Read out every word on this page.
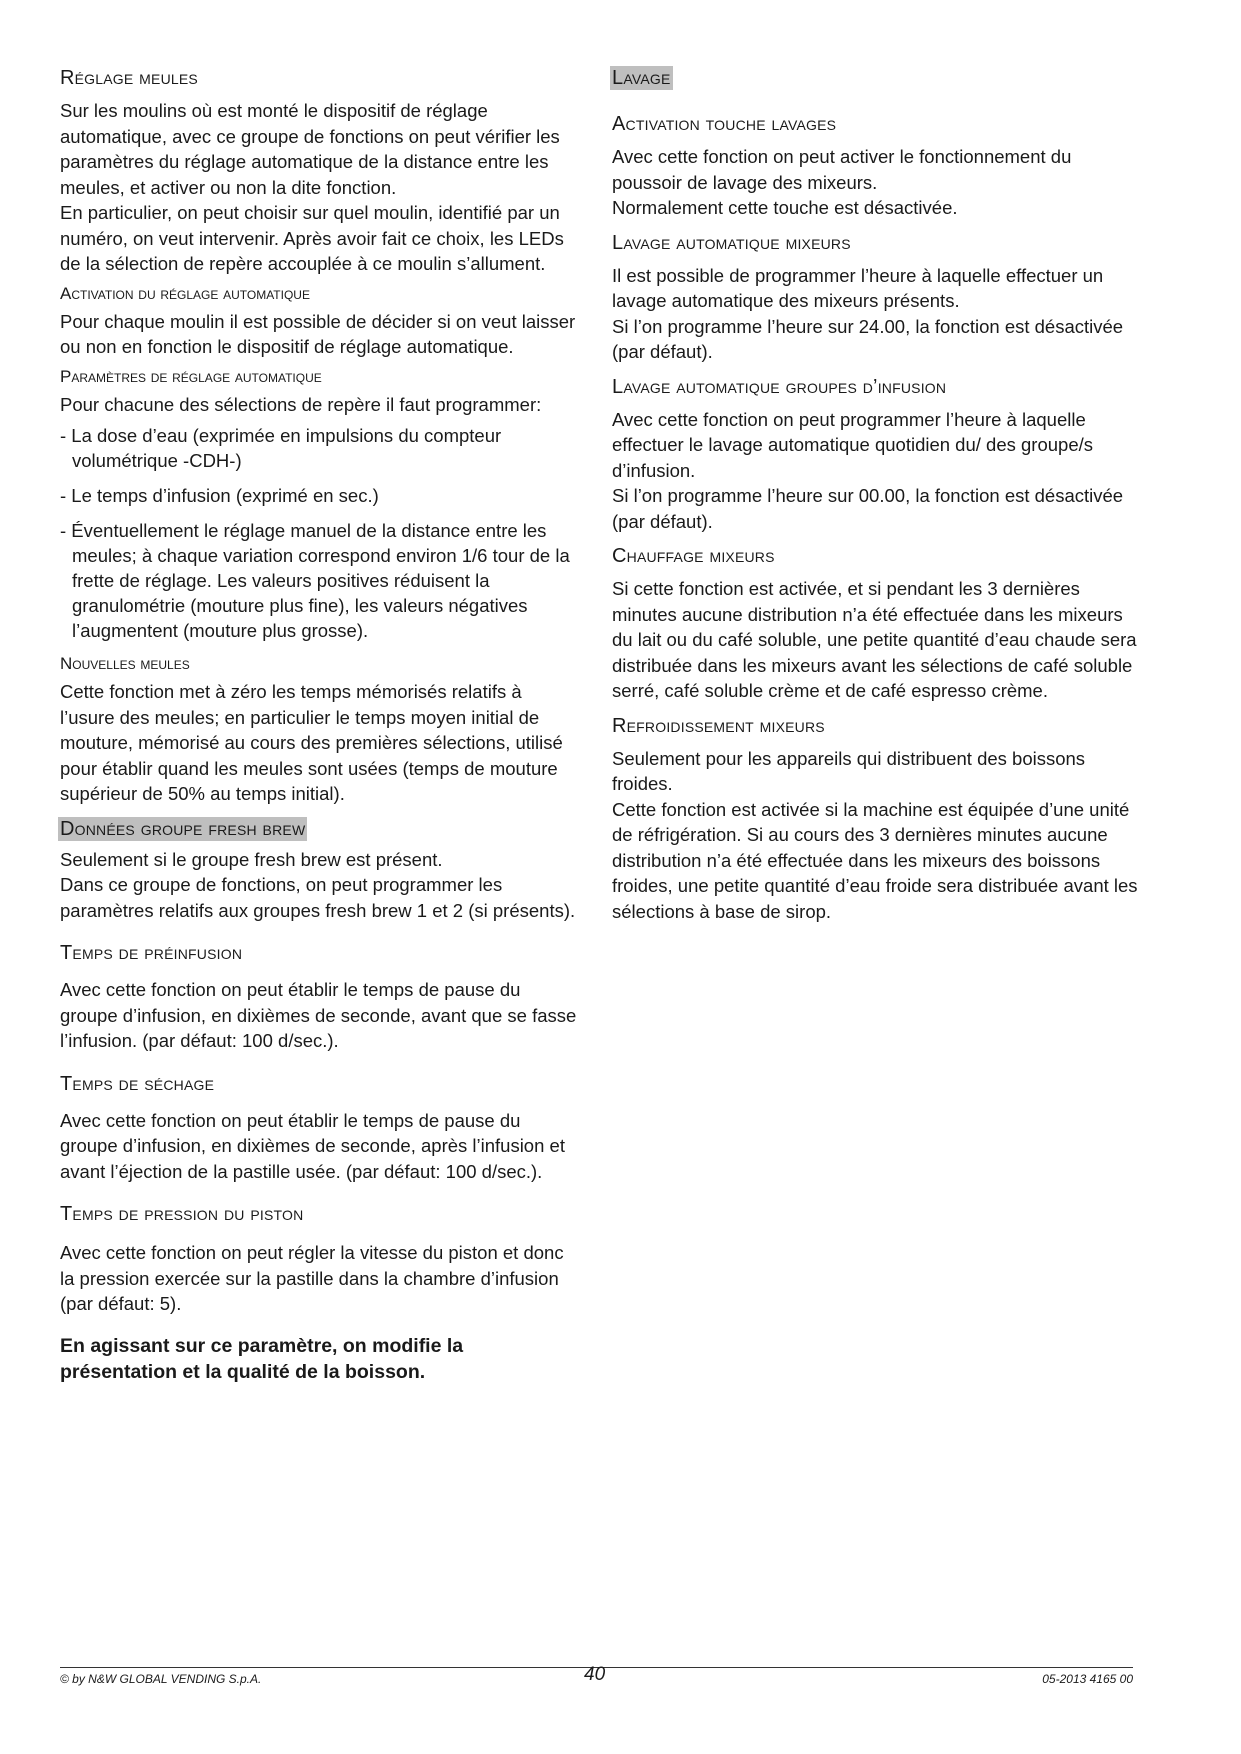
Réglage meules

Sur les moulins où est monté le dispositif de réglage automatique, avec ce groupe de fonctions on peut vérifier les paramètres du réglage automatique de la distance entre les meules, et activer ou non la dite fonction.

En particulier, on peut choisir sur quel moulin, identifié par un numéro, on veut intervenir. Après avoir fait ce choix, les LEDs de la sélection de repère accouplée à ce moulin s’allument.

Activation du réglage automatique

Pour chaque moulin il est possible de décider si on veut laisser ou non en fonction le dispositif de réglage automatique.

Paramètres de réglage automatique

Pour chacune des sélections de repère il faut programmer:

- La dose d’eau (exprimée en impulsions du compteur volumétrique -CDH-)
- Le temps d’infusion (exprimé en sec.)
- Éventuellement le réglage manuel de la distance entre les meules; à chaque variation correspond environ 1/6 tour de la frette de réglage. Les valeurs positives réduisent la granulométrie (mouture plus fine), les valeurs négatives l’augmentent (mouture plus grosse).
Nouvelles meules

Cette fonction met à zéro les temps mémorisés relatifs à l’usure des meules; en particulier le temps moyen initial de mouture, mémorisé au cours des premières sélections, utilisé pour établir quand les meules sont usées (temps de mouture supérieur de 50% au temps initial).

Données groupe fresh brew

Seulement si le groupe fresh brew est présent.

Dans ce groupe de fonctions, on peut programmer les paramètres relatifs aux groupes fresh brew 1 et 2 (si présents).

Temps de préinfusion

Avec cette fonction on peut établir le temps de pause du groupe d’infusion, en dixièmes de seconde, avant que se fasse l’infusion. (par défaut: 100 d/sec.).

Temps de séchage

Avec cette fonction on peut établir le temps de pause du groupe d’infusion, en dixièmes de seconde, après l’infusion et avant l’éjection de la pastille usée. (par défaut: 100 d/sec.).

Temps de pression du piston

Avec cette fonction on peut régler la vitesse du piston et donc la pression exercée sur la pastille dans la chambre d’infusion (par défaut: 5).

En agissant sur ce paramètre, on modifie la présentation et la qualité de la boisson.

Lavage
Activation touche lavages

Avec cette fonction on peut activer le fonctionnement du poussoir de lavage des mixeurs.

Normalement cette touche est désactivée.

Lavage automatique mixeurs

Il est possible de programmer l’heure à laquelle effectuer un lavage automatique des mixeurs présents.

Si l’on programme l’heure sur 24.00, la fonction est désactivée (par défaut).

Lavage automatique groupes d’infusion

Avec cette fonction on peut programmer l’heure à laquelle effectuer le lavage automatique quotidien du/ des groupe/s d’infusion.

Si l’on programme l’heure sur 00.00, la fonction est désactivée (par défaut).

Chauffage mixeurs

Si cette fonction est activée, et si pendant les 3 dernières minutes aucune distribution n’a été effectuée dans les mixeurs du lait ou du café soluble, une petite quantité d’eau chaude sera distribuée dans les mixeurs avant les sélections de café soluble serré, café soluble crème et de café espresso crème.

Refroidissement mixeurs

Seulement pour les appareils qui distribuent des boissons froides.

Cette fonction est activée si la machine est équipée d’une unité de réfrigération. Si au cours des 3 dernières minutes aucune distribution n’a été effectuée dans les mixeurs des boissons froides, une petite quantité d’eau froide sera distribuée avant les sélections à base de sirop.

© by N&W GLOBAL VENDING S.p.A.	40	05-2013 4165 00
